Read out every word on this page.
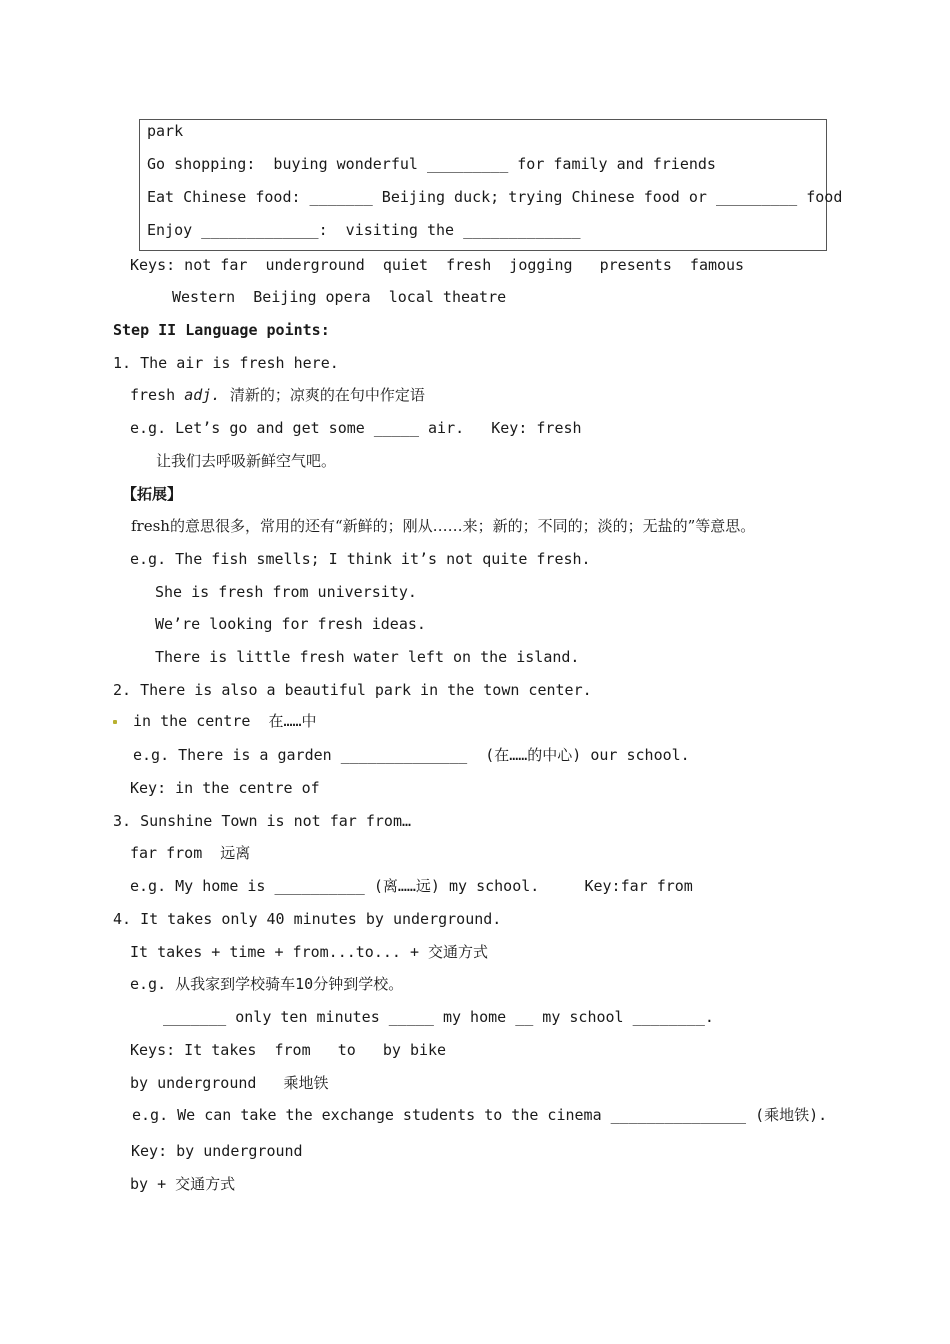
park
Go shopping:  buying wonderful _________ for family and friends
Eat Chinese food: _______ Beijing duck; trying Chinese food or _________ food
Enjoy _____________:  visiting the _____________
Keys: not far  underground  quiet  fresh  jogging   presents  famous
Western  Beijing opera  local theatre
Step II Language points:
1. The air is fresh here.
fresh adj.  清新的；凉爽的在句中作定语
e.g. Let’s go and get some _____ air.   Key: fresh
让我们去呼吸新鲜空气吧。
【拓展】
fresh的意思很多，常用的还有“新鲜的；刚从……来；新的；不同的；淡的；无盐的”等意思。
e.g. The fish smells; I think it’s not quite fresh.
She is fresh from university.
We’re looking for fresh ideas.
There is little fresh water left on the island.
2. There is also a beautiful park in the town center.
in the centre  在……中
e.g. There is a garden ______________  (在……的中心) our school.
Key: in the centre of
3. Sunshine Town is not far from…
far from  远离
e.g. My home is __________ (离……远) my school.     Key:far from
4. It takes only 40 minutes by underground.
It takes + time + from...to... + 交通方式
e.g. 从我家到学校骑车10分钟到学校。
_______ only ten minutes _____ my home __ my school ________.
Keys: It takes  from   to   by bike
by underground   乘地铁
e.g. We can take the exchange students to the cinema _______________ (乘地铁).
Key: by underground
by + 交通方式
